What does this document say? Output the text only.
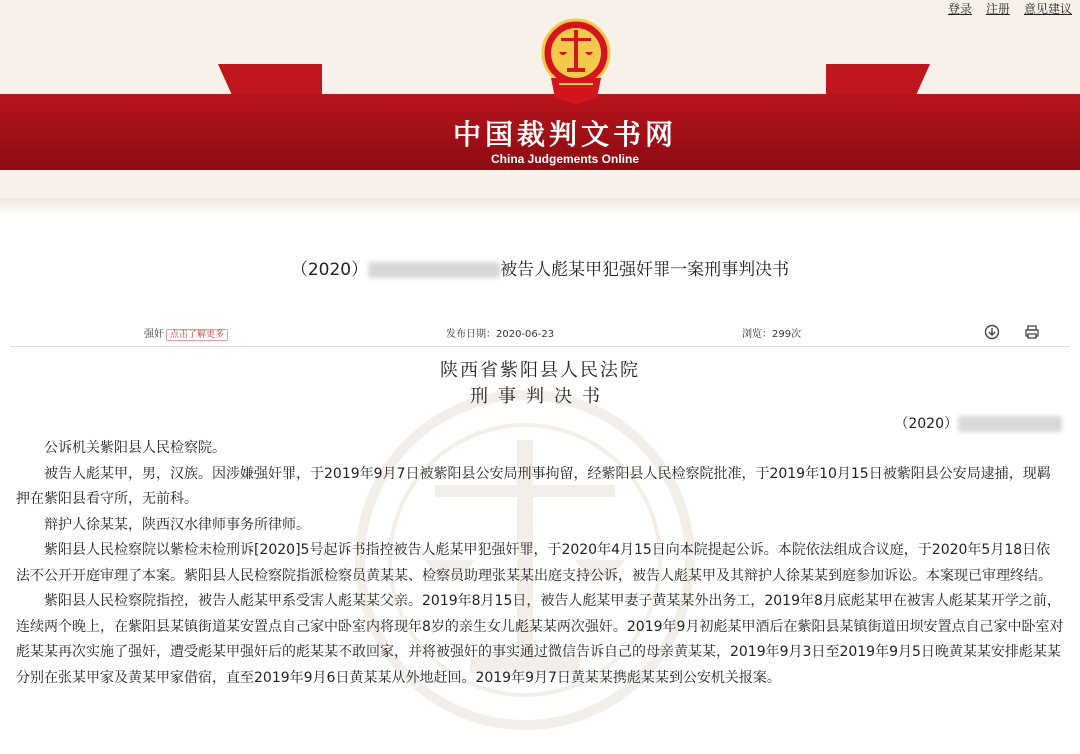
登录 注册 意见建议
中国裁判文书网
China Judgements Online
（2020）	被告人彪某甲犯强奸罪一案刑事判决书
强奸 点击了解更多	发布日期：2020-06-23	浏览：299次
陕西省紫阳县人民法院
刑事判决书
（2020）

公诉机关紫阳县人民检察院。

被告人彪某甲，男，汉族。因涉嫌强奸罪，于2019年9月7日被紫阳县公安局刑事拘留，经紫阳县人民检察院批准，于2019年10月15日被紫阳县公安局逮捕，现羁押在紫阳县看守所，无前科。

辩护人徐某某，陕西汉水律师事务所律师。

紫阳县人民检察院以紫检未检刑诉[2020]5号起诉书指控被告人彪某甲犯强奸罪，于2020年4月15日向本院提起公诉。本院依法组成合议庭，于2020年5月18日依法不公开开庭审理了本案。紫阳县人民检察院指派检察员黄某某、检察员助理张某某出庭支持公诉，被告人彪某甲及其辩护人徐某某到庭参加诉讼。本案现已审理终结。

紫阳县人民检察院指控，被告人彪某甲系受害人彪某某父亲。2019年8月15日，被告人彪某甲妻子黄某某外出务工，2019年8月底彪某甲在被害人彪某某开学之前，连续两个晚上，在紫阳县某镇街道某安置点自己家中卧室内将现年8岁的亲生女儿彪某某两次强奸。2019年9月初彪某甲酒后在紫阳县某镇街道田坝安置点自己家中卧室对彪某某再次实施了强奸，遭受彪某甲强奸后的彪某某不敢回家，并将被强奸的事实通过微信告诉自己的母亲黄某某，2019年9月3日至2019年9月5日晚黄某某安排彪某某分别在张某甲家及黄某甲家借宿，直至2019年9月6日黄某某从外地赶回。2019年9月7日黄某某携彪某某到公安机关报案。
